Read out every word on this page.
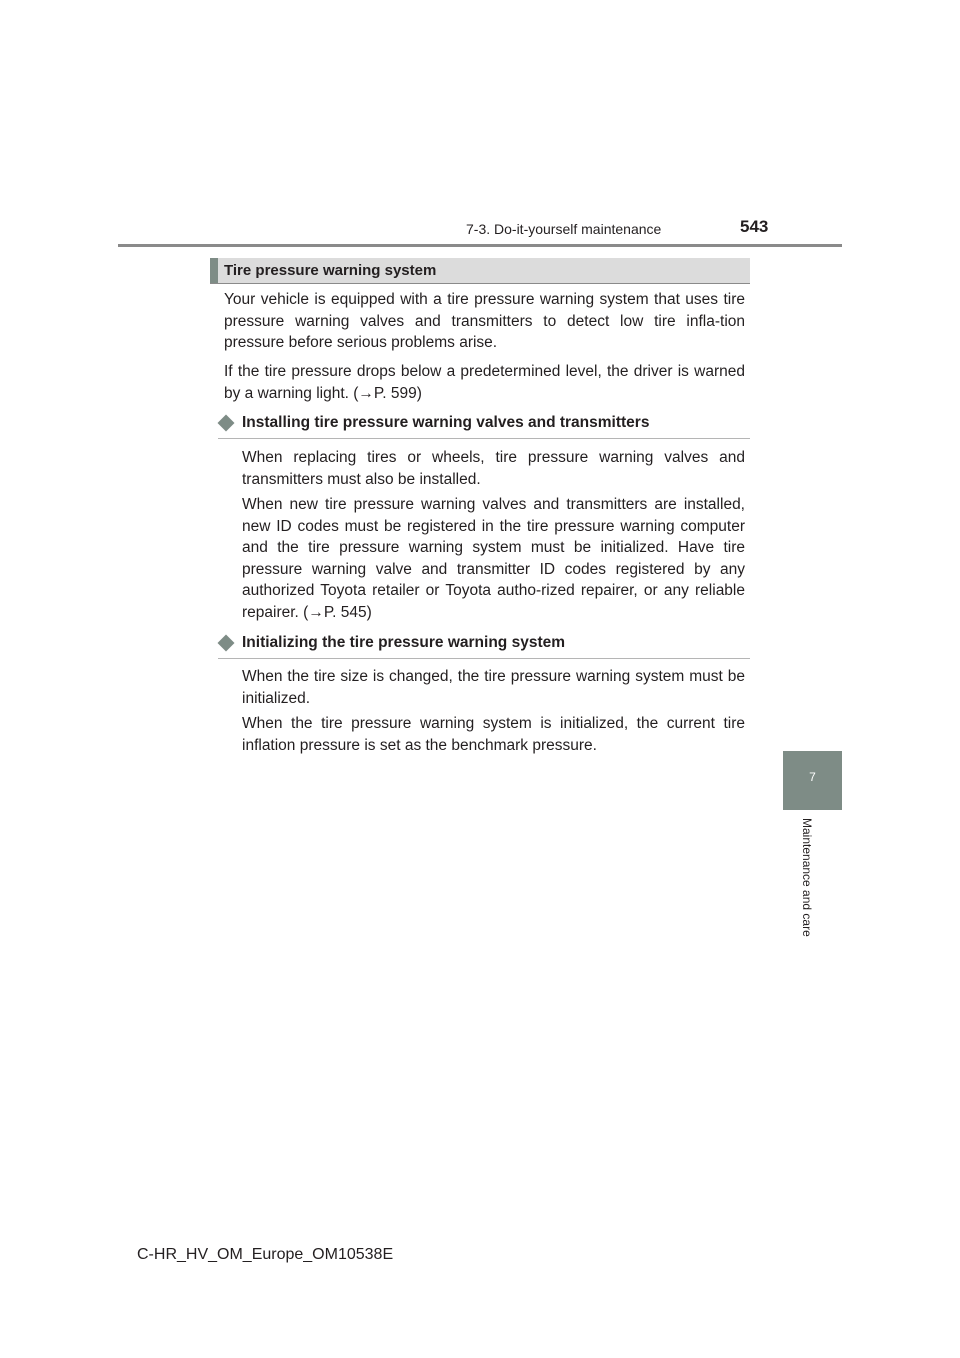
7-3. Do-it-yourself maintenance	543
Tire pressure warning system
Your vehicle is equipped with a tire pressure warning system that uses tire pressure warning valves and transmitters to detect low tire infla-tion pressure before serious problems arise.
If the tire pressure drops below a predetermined level, the driver is warned by a warning light. (→P. 599)
Installing tire pressure warning valves and transmitters
When replacing tires or wheels, tire pressure warning valves and transmitters must also be installed.
When new tire pressure warning valves and transmitters are installed, new ID codes must be registered in the tire pressure warning computer and the tire pressure warning system must be initialized. Have tire pressure warning valve and transmitter ID codes registered by any authorized Toyota retailer or Toyota autho-rized repairer, or any reliable repairer. (→P. 545)
Initializing the tire pressure warning system
When the tire size is changed, the tire pressure warning system must be initialized.
When the tire pressure warning system is initialized, the current tire inflation pressure is set as the benchmark pressure.
7
Maintenance and care
C-HR_HV_OM_Europe_OM10538E
